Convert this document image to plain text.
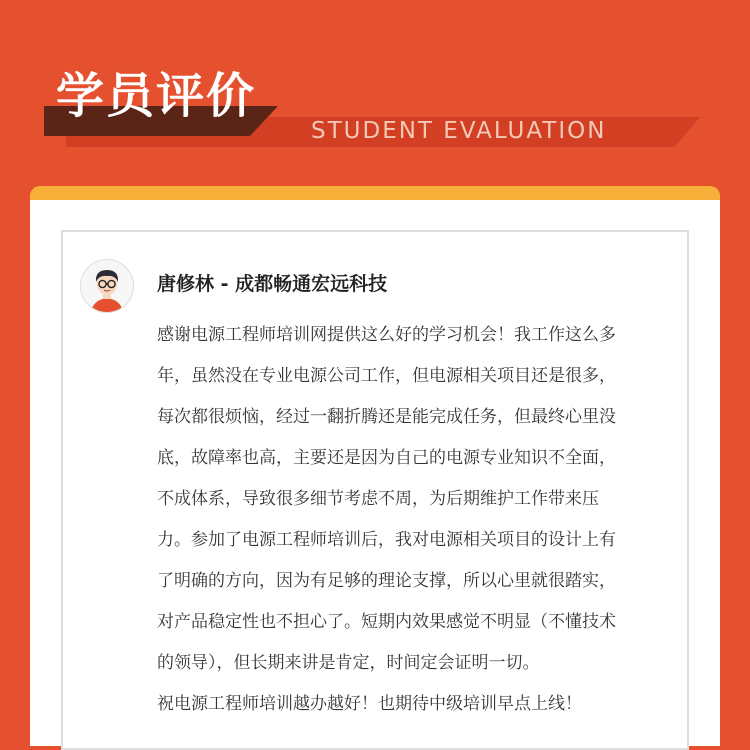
学员评价
STUDENT EVALUATION
唐修林 - 成都畅通宏远科技

感谢电源工程师培训网提供这么好的学习机会！我工作这么多

年，虽然没在专业电源公司工作，但电源相关项目还是很多，

每次都很烦恼，经过一翻折腾还是能完成任务，但最终心里没

底，故障率也高，主要还是因为自己的电源专业知识不全面，

不成体系，导致很多细节考虑不周，为后期维护工作带来压

力。参加了电源工程师培训后，我对电源相关项目的设计上有

了明确的方向，因为有足够的理论支撑，所以心里就很踏实，

对产品稳定性也不担心了。短期内效果感觉不明显（不懂技术

的领导），但长期来讲是肯定，时间定会证明一切。

祝电源工程师培训越办越好！也期待中级培训早点上线！
